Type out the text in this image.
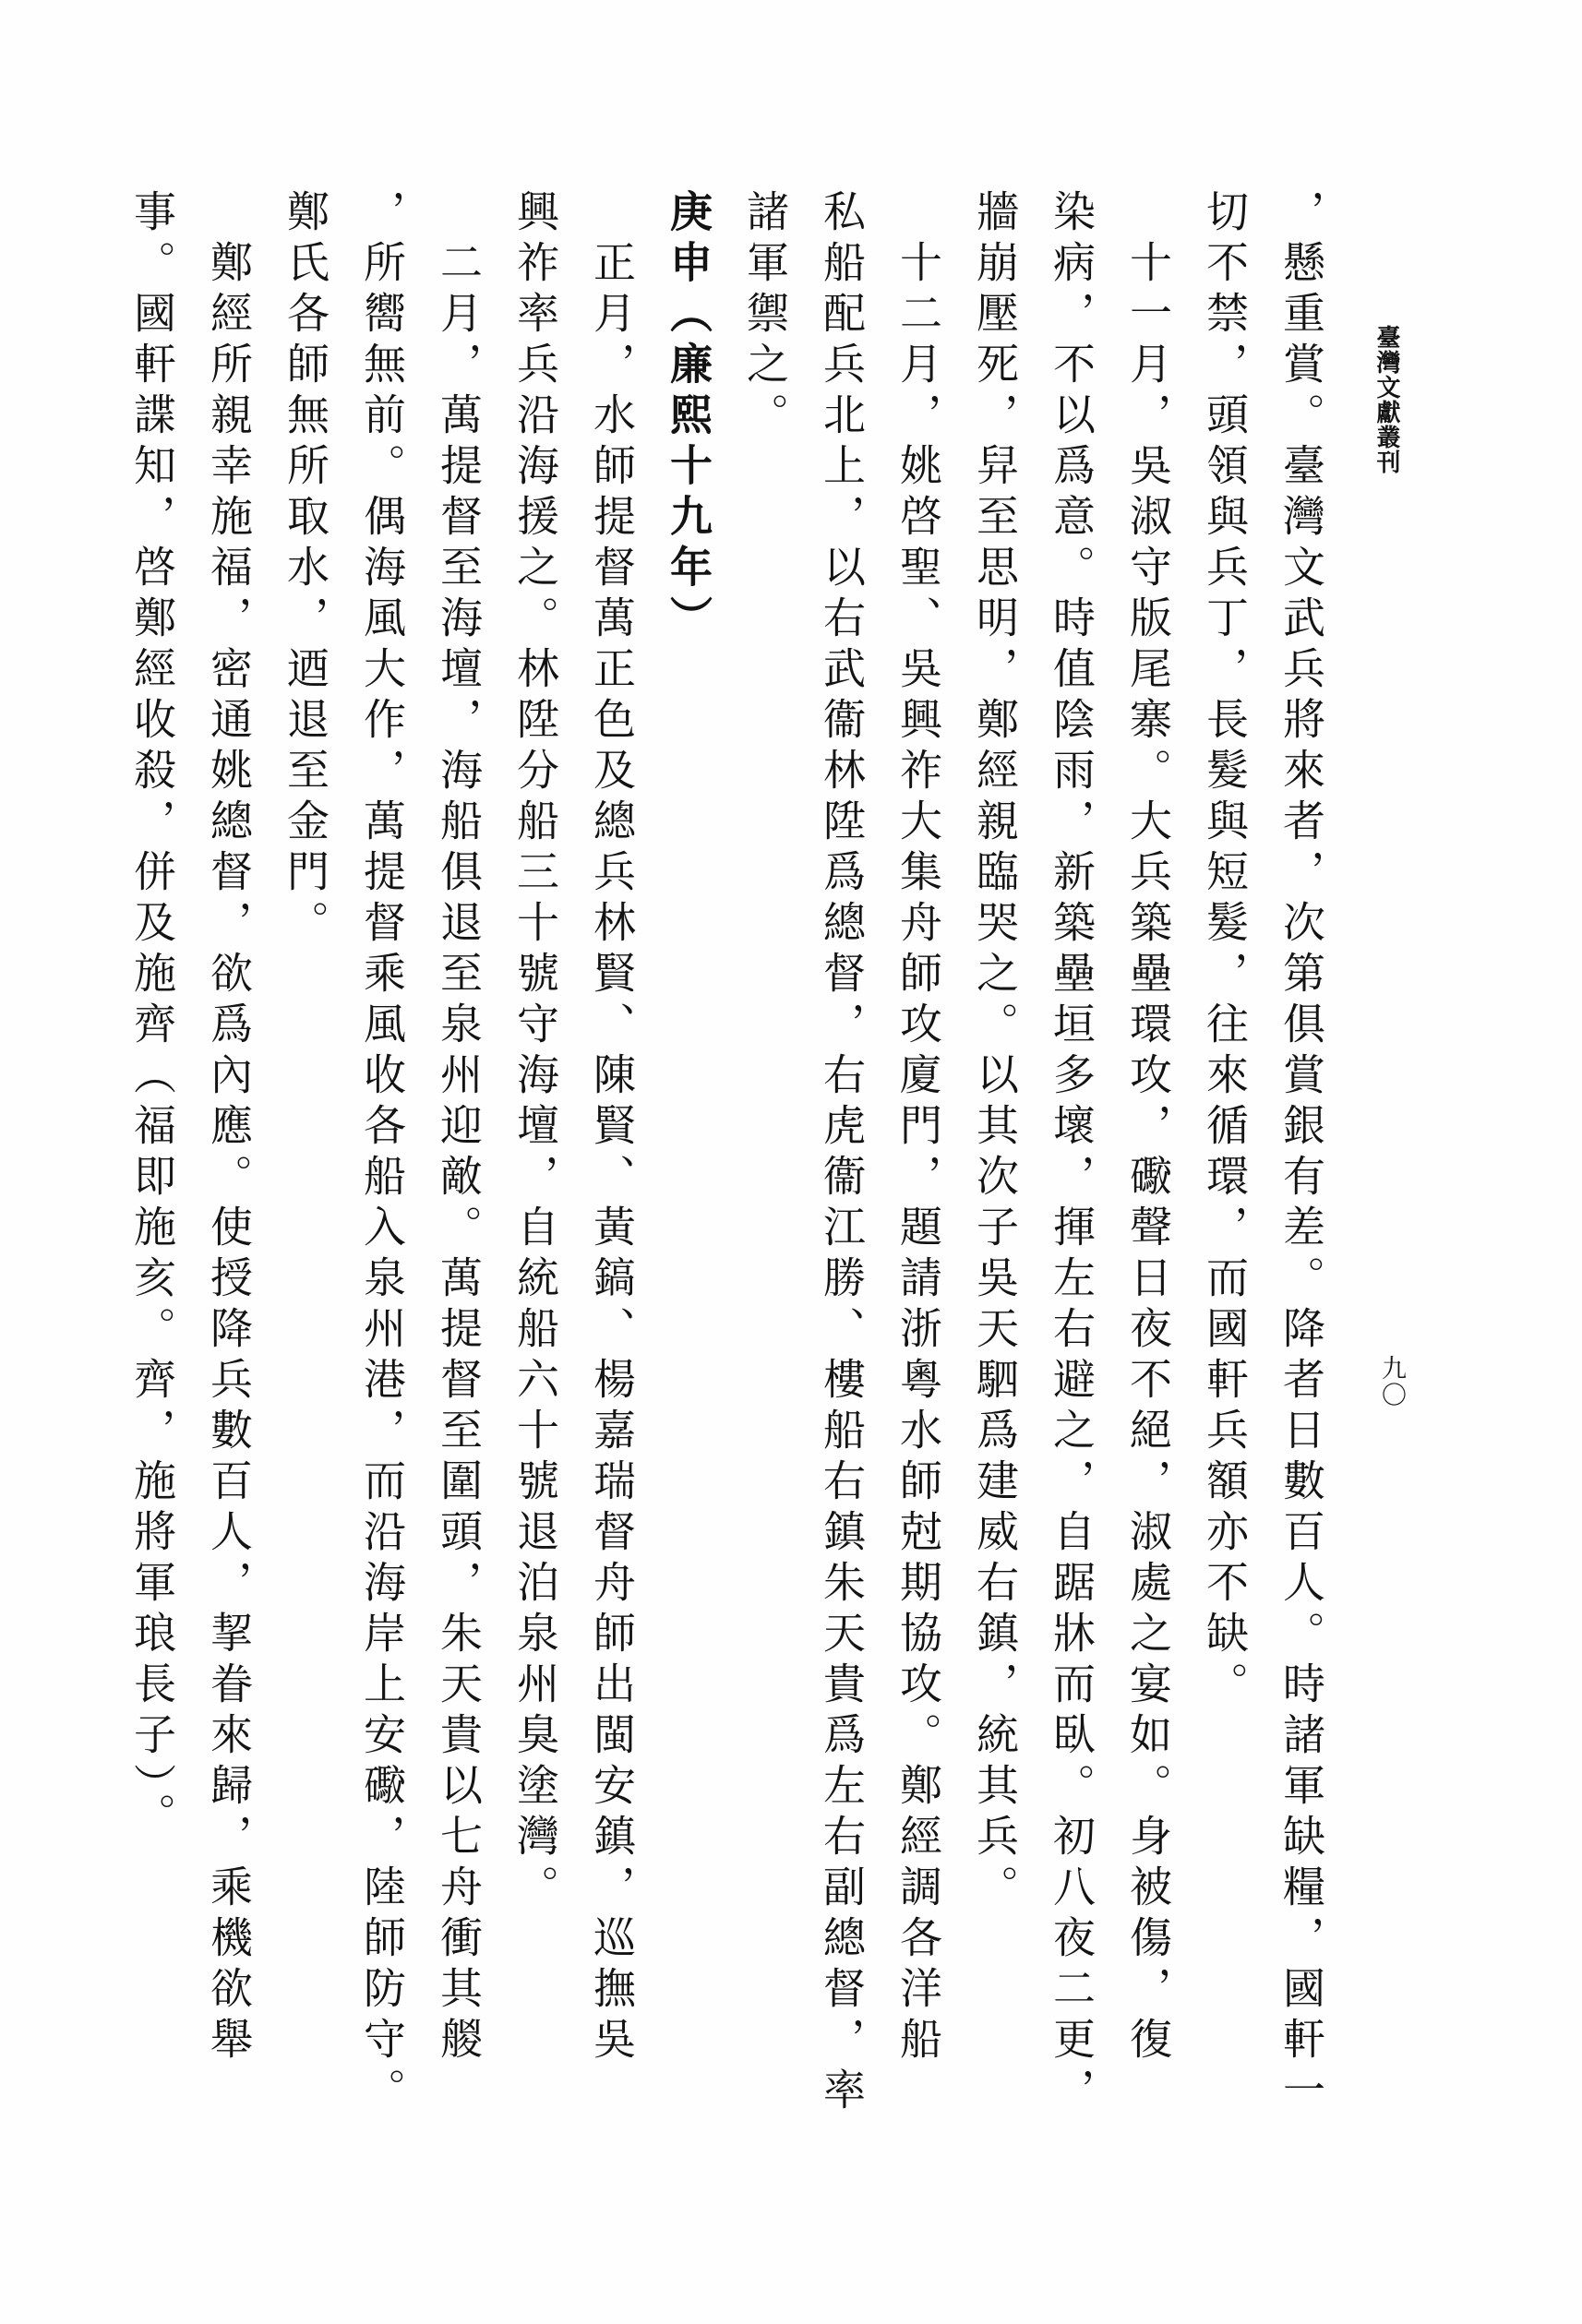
臺灣文獻叢刊
九〇
，懸重賞。臺灣文武兵將來者，次第俱賞銀有差。降者日數百人。時諸軍缺糧，國軒一
切不禁，頭領與兵丁，長髮與短髮，往來循環，而國軒兵額亦不缺。
十一月，吳淑守版尾寨。大兵築壘環攻，礮聲日夜不絕，淑處之宴如。身被傷，復
染病，不以爲意。時值陰雨，新築壘垣多壞，揮左右避之，自踞牀而臥。初八夜二更，
牆崩壓死，舁至思明，鄭經親臨哭之。以其次子吳天駟爲建威右鎮，統其兵。
十二月，姚啓聖、吳興祚大集舟師攻廈門，題請浙粵水師尅期協攻。鄭經調各洋船
私船配兵北上，以右武衞林陞爲總督，右虎衞江勝、樓船右鎮朱天貴爲左右副總督，率
諸軍禦之。
庚申（廉熙十九年）
正月，水師提督萬正色及總兵林賢、陳賢、黃鎬、楊嘉瑞督舟師出閩安鎮，巡撫吳
興祚率兵沿海援之。林陞分船三十號守海壇，自統船六十號退泊泉州臭塗灣。
二月，萬提督至海壇，海船俱退至泉州迎敵。萬提督至圍頭，朱天貴以七舟衝其艐
，所嚮無前。偶海風大作，萬提督乘風收各船入泉州港，而沿海岸上安礮，陸師防守。
鄭氏各師無所取水，迺退至金門。
鄭經所親幸施福，密通姚總督，欲爲內應。使授降兵數百人，挈眷來歸，乘機欲舉
事。國軒諜知，啓鄭經收殺，併及施齊（福即施亥。齊，施將軍琅長子）。
